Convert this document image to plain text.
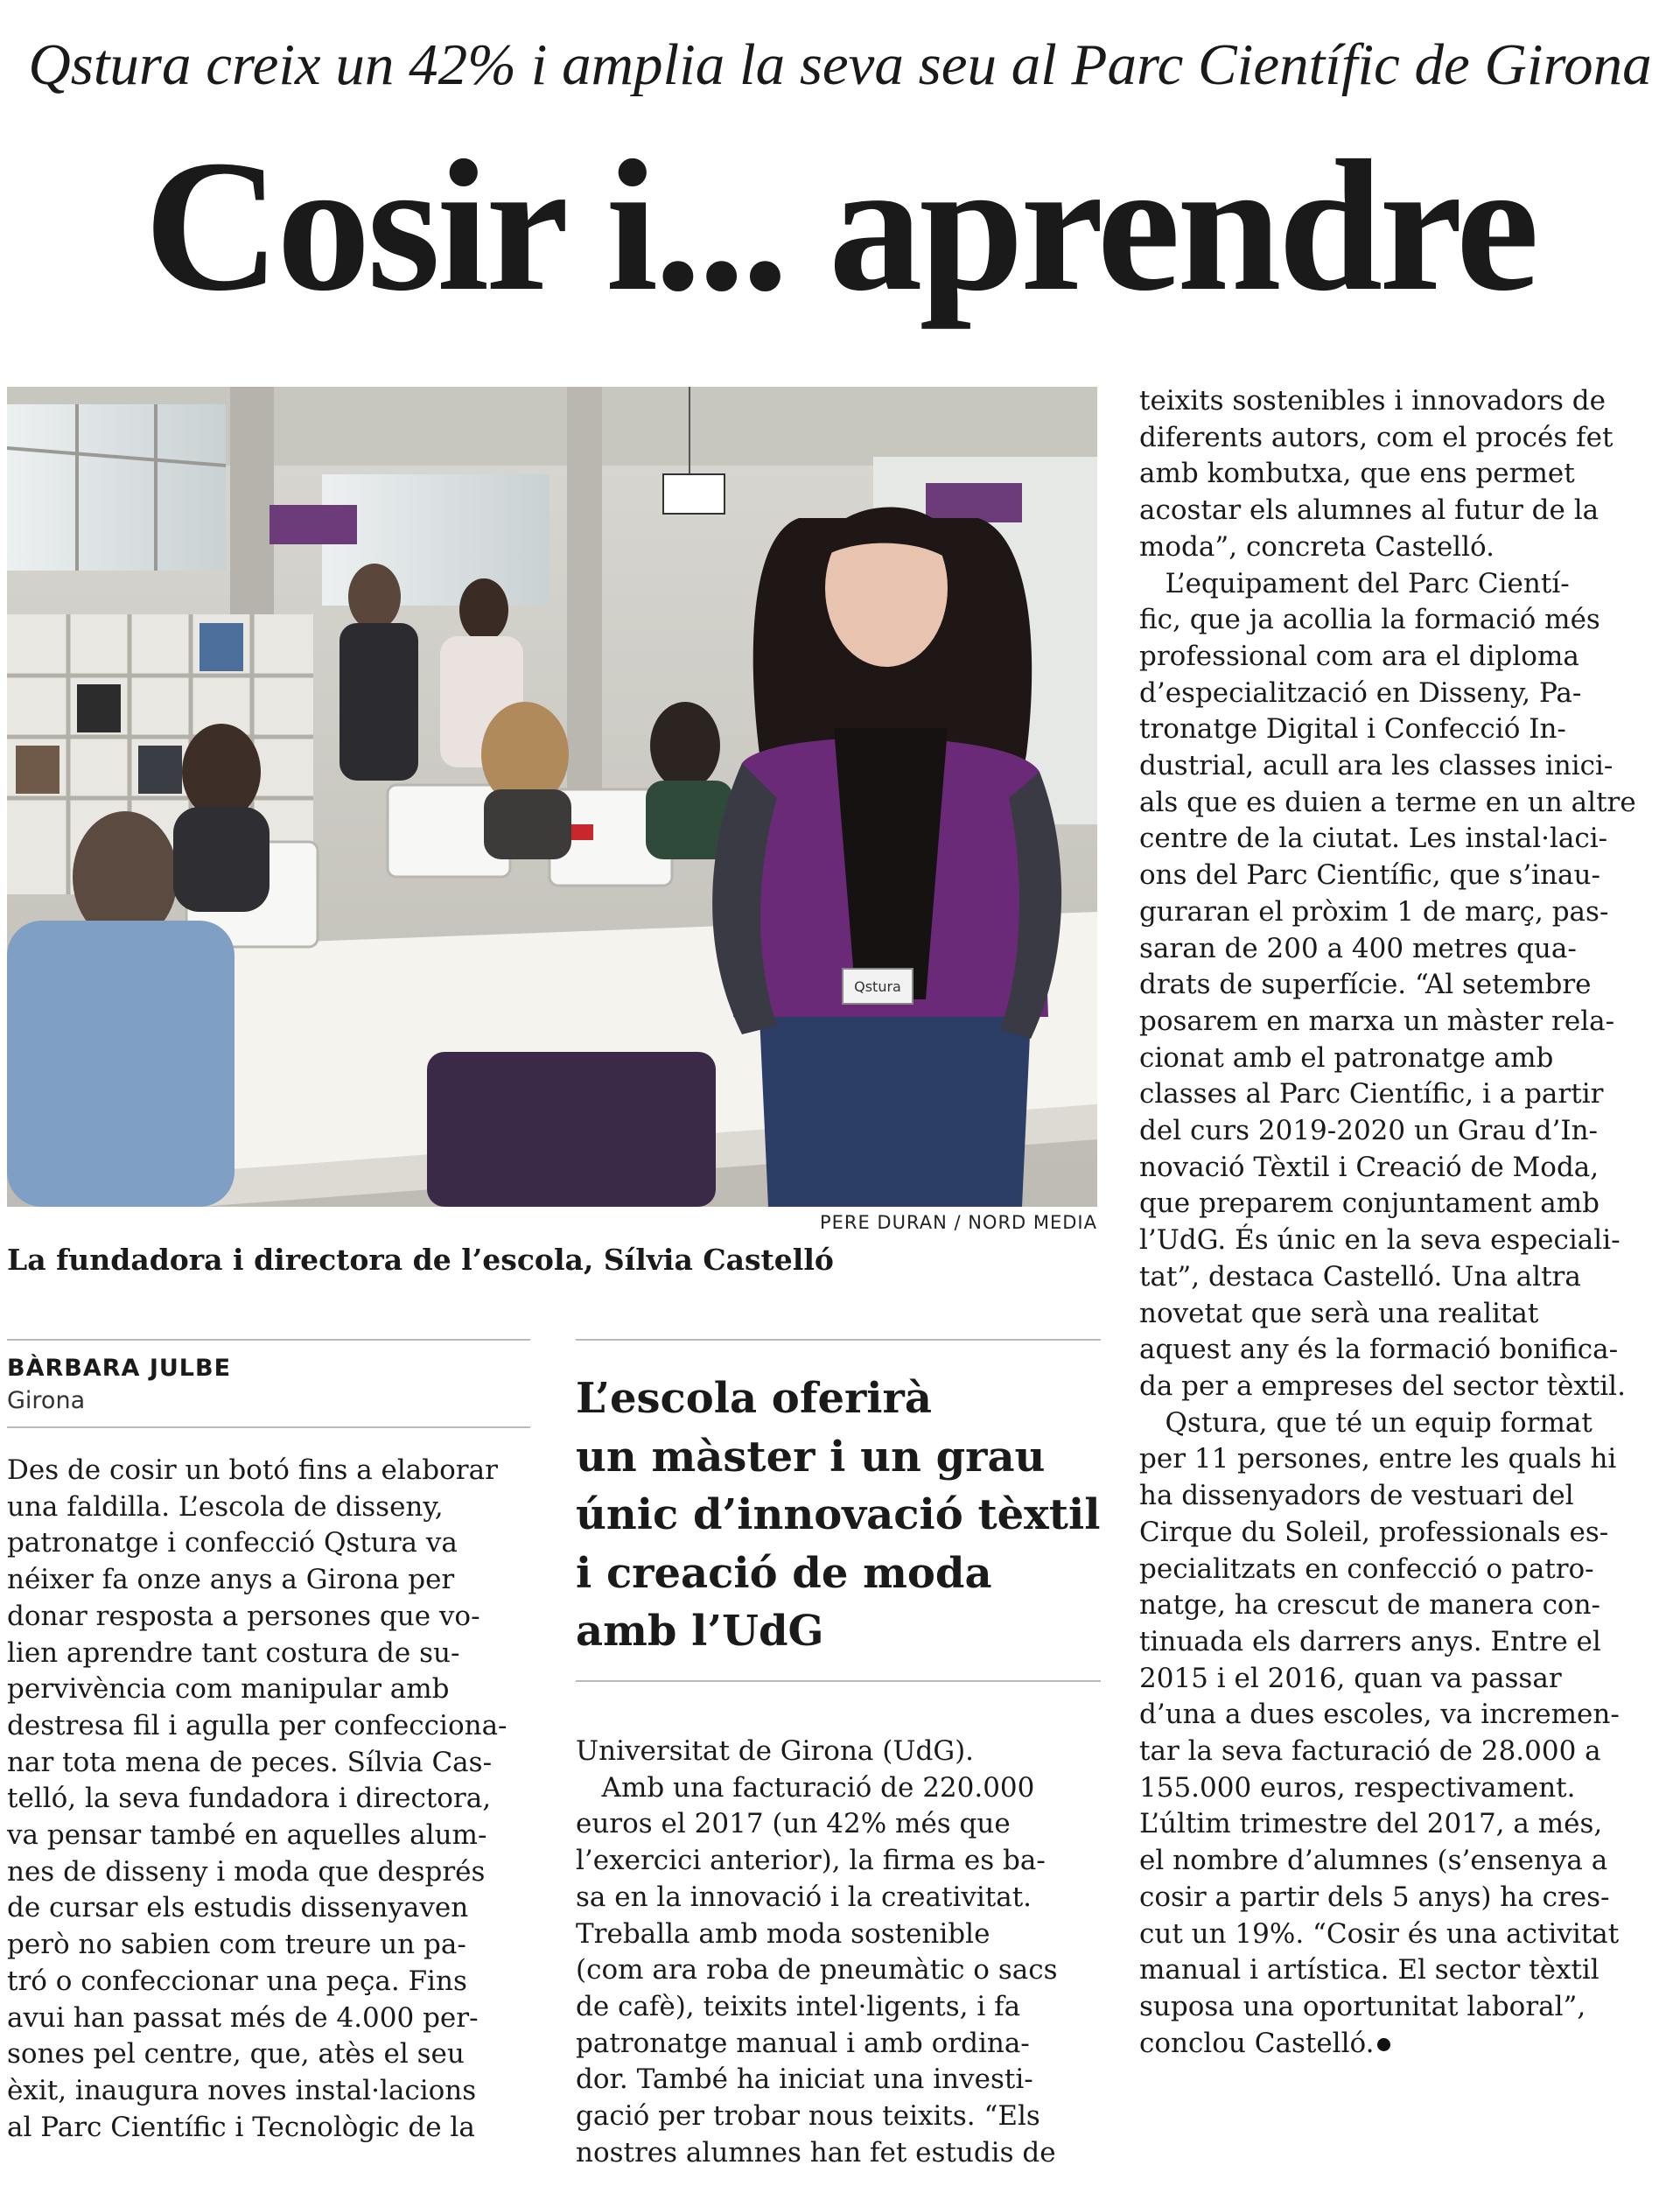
Qstura creix un 42% i amplia la seva seu al Parc Científic de Girona
Cosir i... aprendre
Qstura
PERE DURAN / NORD MEDIA
La fundadora i directora de l’escola, Sílvia Castelló
BÀRBARA JULBE
Girona	L’escola oferirà

un màster i un grau

únic d’innovació tèxtil

i creació de moda

amb l’UdG

Des de cosir un botó fins a elaborar

una faldilla. L’escola de disseny,

patronatge i confecció Qstura va

néixer fa onze anys a Girona per

donar resposta a persones que vo-

lien aprendre tant costura de su-

pervivència com manipular amb

destresa fil i agulla per confecciona-

nar tota mena de peces. Sílvia Cas-

telló, la seva fundadora i directora,

va pensar també en aquelles alum-

nes de disseny i moda que després

de cursar els estudis dissenyaven

però no sabien com treure un pa-

tró o confeccionar una peça. Fins

avui han passat més de 4.000 per-

sones pel centre, que, atès el seu

èxit, inaugura noves instal·lacions

al Parc Científic i Tecnològic de la

Universitat de Girona (UdG).

Amb una facturació de 220.000

euros el 2017 (un 42% més que

l’exercici anterior), la firma es ba-

sa en la innovació i la creativitat.

Treballa amb moda sostenible

(com ara roba de pneumàtic o sacs

de cafè), teixits intel·ligents, i fa

patronatge manual i amb ordina-

dor. També ha iniciat una investi-

gació per trobar nous teixits. “Els

nostres alumnes han fet estudis de

teixits sostenibles i innovadors de

diferents autors, com el procés fet

amb kombutxa, que ens permet

acostar els alumnes al futur de la

moda”, concreta Castelló.

L’equipament del Parc Cientí-

fic, que ja acollia la formació més

professional com ara el diploma

d’especialització en Disseny, Pa-

tronatge Digital i Confecció In-

dustrial, acull ara les classes inici-

als que es duien a terme en un altre

centre de la ciutat. Les instal·laci-

ons del Parc Científic, que s’inau-

guraran el pròxim 1 de març, pas-

saran de 200 a 400 metres qua-

drats de superfície. “Al setembre

posarem en marxa un màster rela-

cionat amb el patronatge amb

classes al Parc Científic, i a partir

del curs 2019-2020 un Grau d’In-

novació Tèxtil i Creació de Moda,

que preparem conjuntament amb

l’UdG. És únic en la seva especiali-

tat”, destaca Castelló. Una altra

novetat que serà una realitat

aquest any és la formació bonifica-

da per a empreses del sector tèxtil.

Qstura, que té un equip format

per 11 persones, entre les quals hi

ha dissenyadors de vestuari del

Cirque du Soleil, professionals es-

pecialitzats en confecció o patro-

natge, ha crescut de manera con-

tinuada els darrers anys. Entre el

2015 i el 2016, quan va passar

d’una a dues escoles, va incremen-

tar la seva facturació de 28.000 a

155.000 euros, respectivament.

L’últim trimestre del 2017, a més,

el nombre d’alumnes (s’ensenya a

cosir a partir dels 5 anys) ha cres-

cut un 19%. “Cosir és una activitat

manual i artística. El sector tèxtil

suposa una oportunitat laboral”,

conclou Castelló.
